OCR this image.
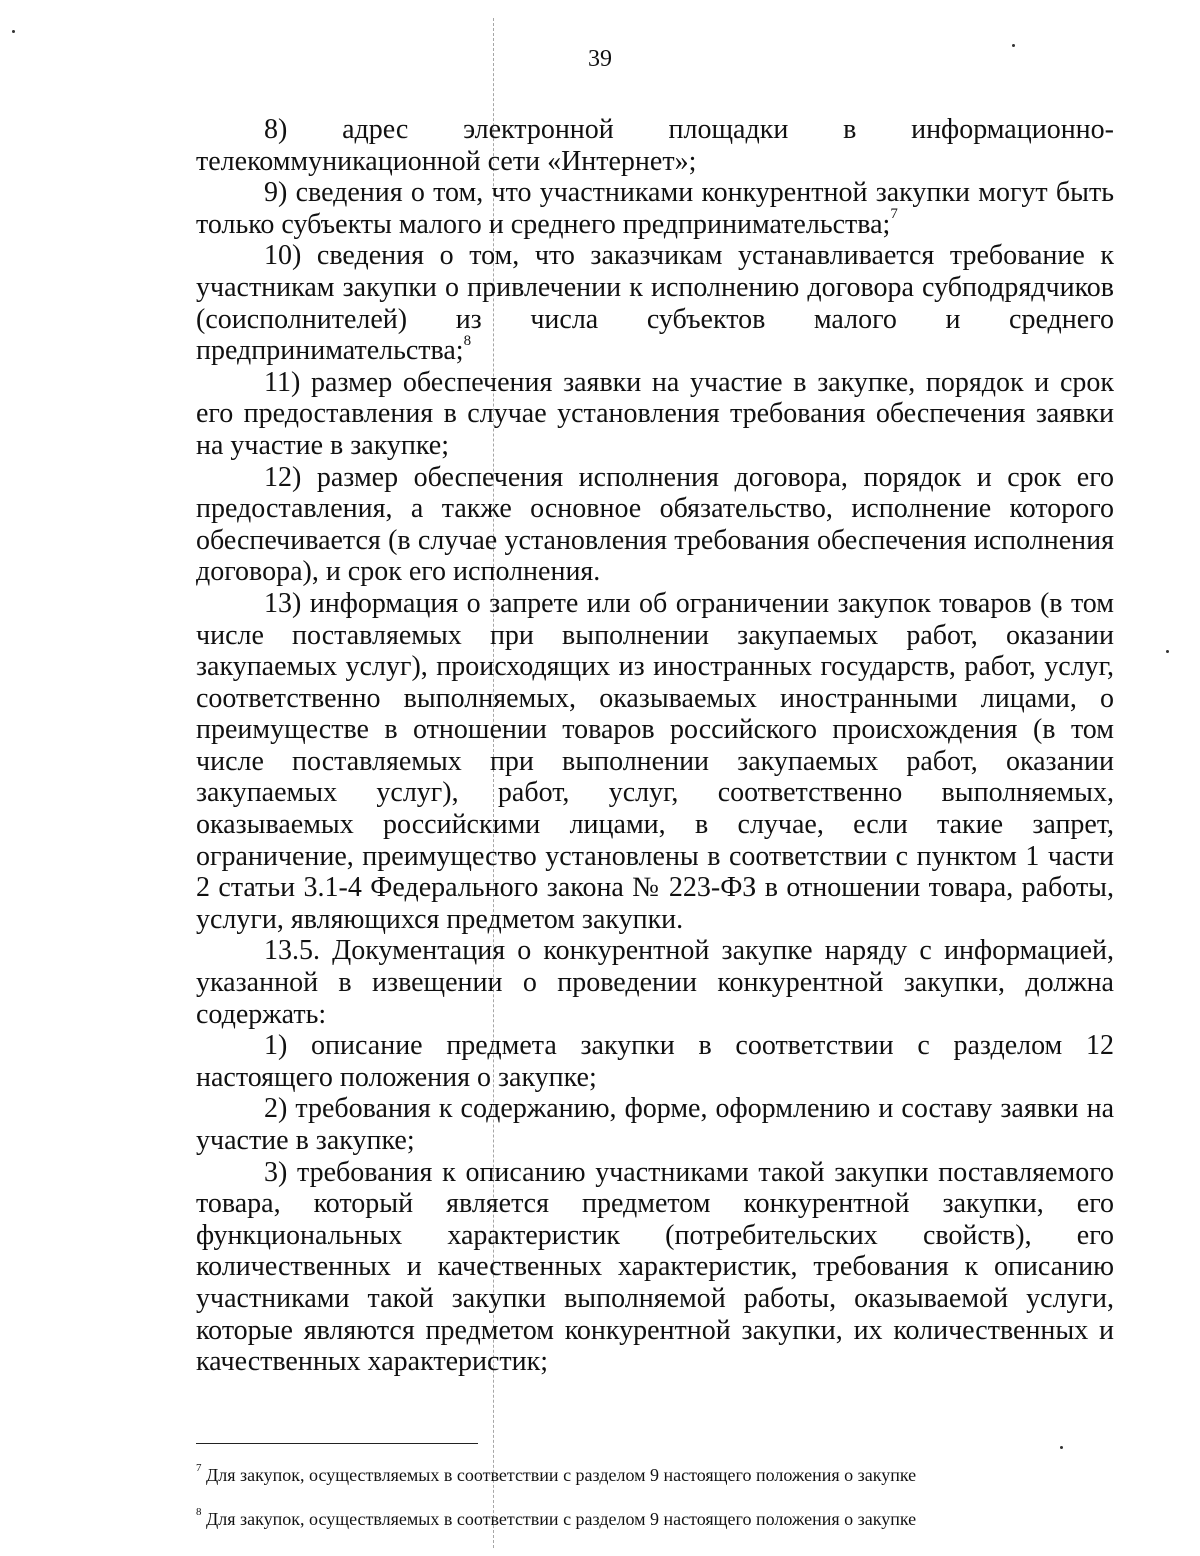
39

8) адрес электронной площадки в информационно-телекоммуникационной сети «Интернет»;

9) сведения о том, что участниками конкурентной закупки могут быть только субъекты малого и среднего предпринимательства;$^7$

10) сведения о том, что заказчикам устанавливается требование к участникам закупки о привлечении к исполнению договора субподрядчиков (соисполнителей) из числа субъектов малого и среднего предпринимательства;$^8$

11) размер обеспечения заявки на участие в закупке, порядок и срок его предоставления в случае установления требования обеспечения заявки на участие в закупке;

12) размер обеспечения исполнения договора, порядок и срок его предоставления, а также основное обязательство, исполнение которого обеспечивается (в случае установления требования обеспечения исполнения договора), и срок его исполнения.

13) информация о запрете или об ограничении закупок товаров (в том числе поставляемых при выполнении закупаемых работ, оказании закупаемых услуг), происходящих из иностранных государств, работ, услуг, соответственно выполняемых, оказываемых иностранными лицами, о преимуществе в отношении товаров российского происхождения (в том числе поставляемых при выполнении закупаемых работ, оказании закупаемых услуг), работ, услуг, соответственно выполняемых, оказываемых российскими лицами, в случае, если такие запрет, ограничение, преимущество установлены в соответствии с пунктом 1 части 2 статьи 3.1-4 Федерального закона № 223-ФЗ в отношении товара, работы, услуги, являющихся предметом закупки.

13.5. Документация о конкурентной закупке наряду с информацией, указанной в извещении о проведении конкурентной закупки, должна содержать:

1) описание предмета закупки в соответствии с разделом 12 настоящего положения о закупке;

2) требования к содержанию, форме, оформлению и составу заявки на участие в закупке;

3) требования к описанию участниками такой закупки поставляемого товара, который является предметом конкурентной закупки, его функциональных характеристик (потребительских свойств), его количественных и качественных характеристик, требования к описанию участниками такой закупки выполняемой работы, оказываемой услуги, которые являются предметом конкурентной закупки, их количественных и качественных характеристик;

$^7$ Для закупок, осуществляемых в соответствии с разделом 9 настоящего положения о закупке
$^8$ Для закупок, осуществляемых в соответствии с разделом 9 настоящего положения о закупке
